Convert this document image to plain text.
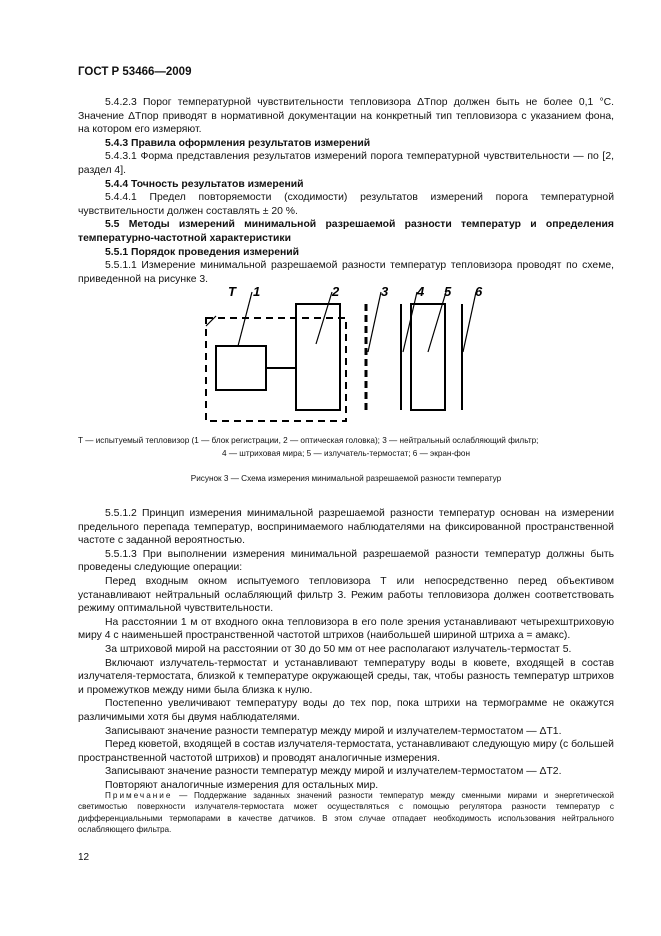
ГОСТ Р 53466—2009

5.4.2.3 Порог температурной чувствительности тепловизора ΔTпор должен быть не более 0,1 °C. Значение ΔTпор приводят в нормативной документации на конкретный тип тепловизора с указанием фона, на котором его измеряют.

5.4.3 Правила оформления результатов измерений

5.4.3.1 Форма представления результатов измерений порога температурной чувствительности — по [2, раздел 4].

5.4.4 Точность результатов измерений

5.4.4.1 Предел повторяемости (сходимости) результатов измерений порога температурной чувствительности должен составлять ± 20 %.

5.5 Методы измерений минимальной разрешаемой разности температур и определения температурно-частотной характеристики

5.5.1 Порядок проведения измерений

5.5.1.1 Измерение минимальной разрешаемой разности температур тепловизора проводят по схеме, приведенной на рисунке 3.

Т 1	2	3 4 5 6

Т — испытуемый тепловизор (1 — блок регистрации, 2 — оптическая головка); 3 — нейтральный ослабляющий фильтр;

4 — штриховая мира; 5 — излучатель-термостат; 6 — экран-фон

Рисунок 3 — Схема измерения минимальной разрешаемой разности температур

5.5.1.2 Принцип измерения минимальной разрешаемой разности температур основан на измерении предельного перепада температур, воспринимаемого наблюдателями на фиксированной пространственной частоте с заданной вероятностью.

5.5.1.3 При выполнении измерения минимальной разрешаемой разности температур должны быть проведены следующие операции:

Перед входным окном испытуемого тепловизора Т или непосредственно перед объективом устанавливают нейтральный ослабляющий фильтр 3. Режим работы тепловизора должен соответствовать режиму оптимальной чувствительности.

На расстоянии 1 м от входного окна тепловизора в его поле зрения устанавливают четырехштриховую миру 4 с наименьшей пространственной частотой штрихов (наибольшей шириной штриха a = aмакс).

За штриховой мирой на расстоянии от 30 до 50 мм от нее располагают излучатель-термостат 5.

Включают излучатель-термостат и устанавливают температуру воды в кювете, входящей в состав излучателя-термостата, близкой к температуре окружающей среды, так, чтобы разность температур штрихов и промежутков между ними была близка к нулю.

Постепенно увеличивают температуру воды до тех пор, пока штрихи на термограмме не окажутся различимыми хотя бы двумя наблюдателями.

Записывают значение разности температур между мирой и излучателем-термостатом — ΔT1.

Перед кюветой, входящей в состав излучателя-термостата, устанавливают следующую миру (с большей пространственной частотой штрихов) и проводят аналогичные измерения.

Записывают значение разности температур между мирой и излучателем-термостатом — ΔT2.

Повторяют аналогичные измерения для остальных мир.

Примечание — Поддержание заданных значений разности температур между сменными мирами и энергетической светимостью поверхности излучателя-термостата может осуществляться с помощью регулятора разности температур с дифференциальными термопарами в качестве датчиков. В этом случае отпадает необходимость использования нейтрального ослабляющего фильтра.

12
